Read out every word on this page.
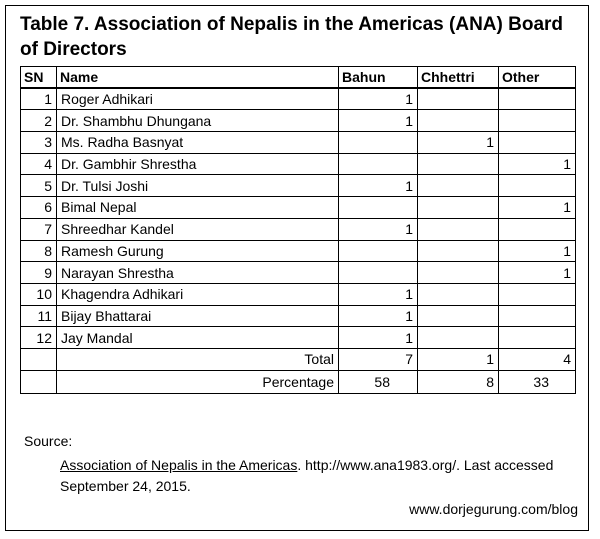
Table 7. Association of Nepalis in the Americas (ANA) Board of Directors
SN	Name	Bahun	Chhettri	Other
1	Roger Adhikari	1		
2	Dr. Shambhu Dhungana	1		
3	Ms. Radha Basnyat		1	
4	Dr. Gambhir Shrestha			1
5	Dr. Tulsi Joshi	1		
6	Bimal Nepal			1
7	Shreedhar Kandel	1		
8	Ramesh Gurung			1
9	Narayan Shrestha			1
10	Khagendra Adhikari	1		
11	Bijay Bhattarai	1		
12	Jay Mandal	1		
	Total	7	1	4
	Percentage	58	8	33
Source:
Association of Nepalis in the Americas. http://www.ana1983.org/. Last accessed September 24, 2015.
www.dorjegurung.com/blog
